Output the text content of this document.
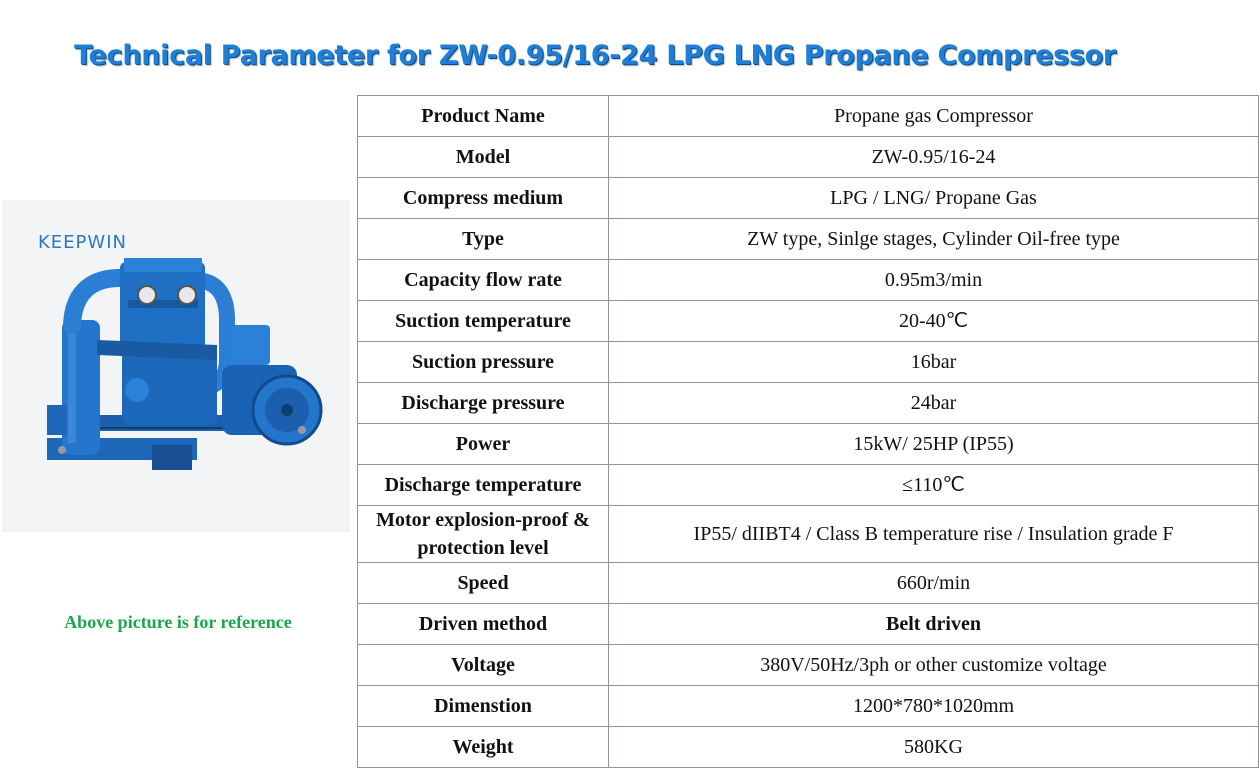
Technical Parameter for ZW-0.95/16-24 LPG LNG Propane Compressor
KEEPWIN
Above picture is for reference
Product Name	Propane gas Compressor
Model	ZW-0.95/16-24
Compress medium	LPG / LNG/ Propane Gas
Type	ZW type, Sinlge stages, Cylinder Oil-free type
Capacity flow rate	0.95m3/min
Suction temperature	20-40℃
Suction pressure	16bar
Discharge pressure	24bar
Power	15kW/ 25HP (IP55)
Discharge temperature	≤110℃
Motor explosion-proof & protection level	IP55/ dIIBT4 / Class B temperature rise / Insulation grade F
Speed	660r/min
Driven method	Belt driven
Voltage	380V/50Hz/3ph or other customize voltage
Dimenstion	1200*780*1020mm
Weight	580KG
